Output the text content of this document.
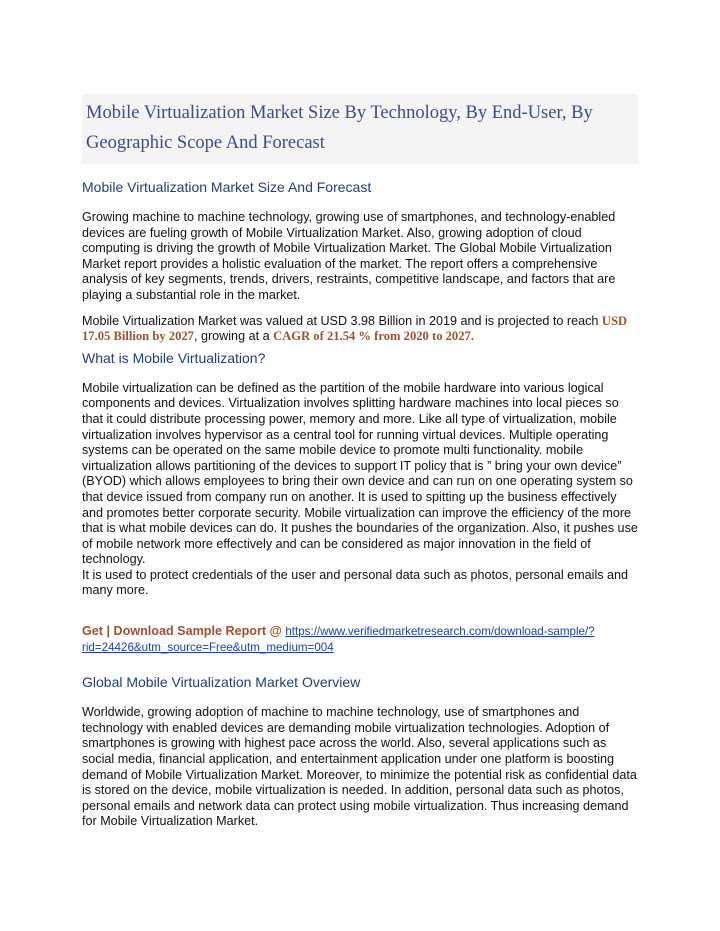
Mobile Virtualization Market Size By Technology, By End-User, By Geographic Scope And Forecast
Mobile Virtualization Market Size And Forecast

Growing machine to machine technology, growing use of smartphones, and technology-enabled devices are fueling growth of Mobile Virtualization Market. Also, growing adoption of cloud computing is driving the growth of Mobile Virtualization Market. The Global Mobile Virtualization Market report provides a holistic evaluation of the market. The report offers a comprehensive analysis of key segments, trends, drivers, restraints, competitive landscape, and factors that are playing a substantial role in the market.

Mobile Virtualization Market was valued at USD 3.98 Billion in 2019 and is projected to reach USD 17.05 Billion by 2027, growing at a CAGR of 21.54 % from 2020 to 2027.

What is Mobile Virtualization?

Mobile virtualization can be defined as the partition of the mobile hardware into various logical components and devices. Virtualization involves splitting hardware machines into local pieces so that it could distribute processing power, memory and more. Like all type of virtualization, mobile virtualization involves hypervisor as a central tool for running virtual devices. Multiple operating systems can be operated on the same mobile device to promote multi functionality. mobile virtualization allows partitioning of the devices to support IT policy that is ” bring your own device” (BYOD) which allows employees to bring their own device and can run on one operating system so that device issued from company run on another. It is used to spitting up the business effectively and promotes better corporate security. Mobile virtualization can improve the efficiency of the more that is what mobile devices can do. It pushes the boundaries of the organization. Also, it pushes use of mobile network more effectively and can be considered as major innovation in the field of technology.

It is used to protect credentials of the user and personal data such as photos, personal emails and many more.

Get | Download Sample Report @ https://www.verifiedmarketresearch.com/download-sample/?rid=24426&utm_source=Free&utm_medium=004

Global Mobile Virtualization Market Overview

Worldwide, growing adoption of machine to machine technology, use of smartphones and technology with enabled devices are demanding mobile virtualization technologies. Adoption of smartphones is growing with highest pace across the world. Also, several applications such as social media, financial application, and entertainment application under one platform is boosting demand of Mobile Virtualization Market. Moreover, to minimize the potential risk as confidential data is stored on the device, mobile virtualization is needed. In addition, personal data such as photos, personal emails and network data can protect using mobile virtualization. Thus increasing demand for Mobile Virtualization Market.
